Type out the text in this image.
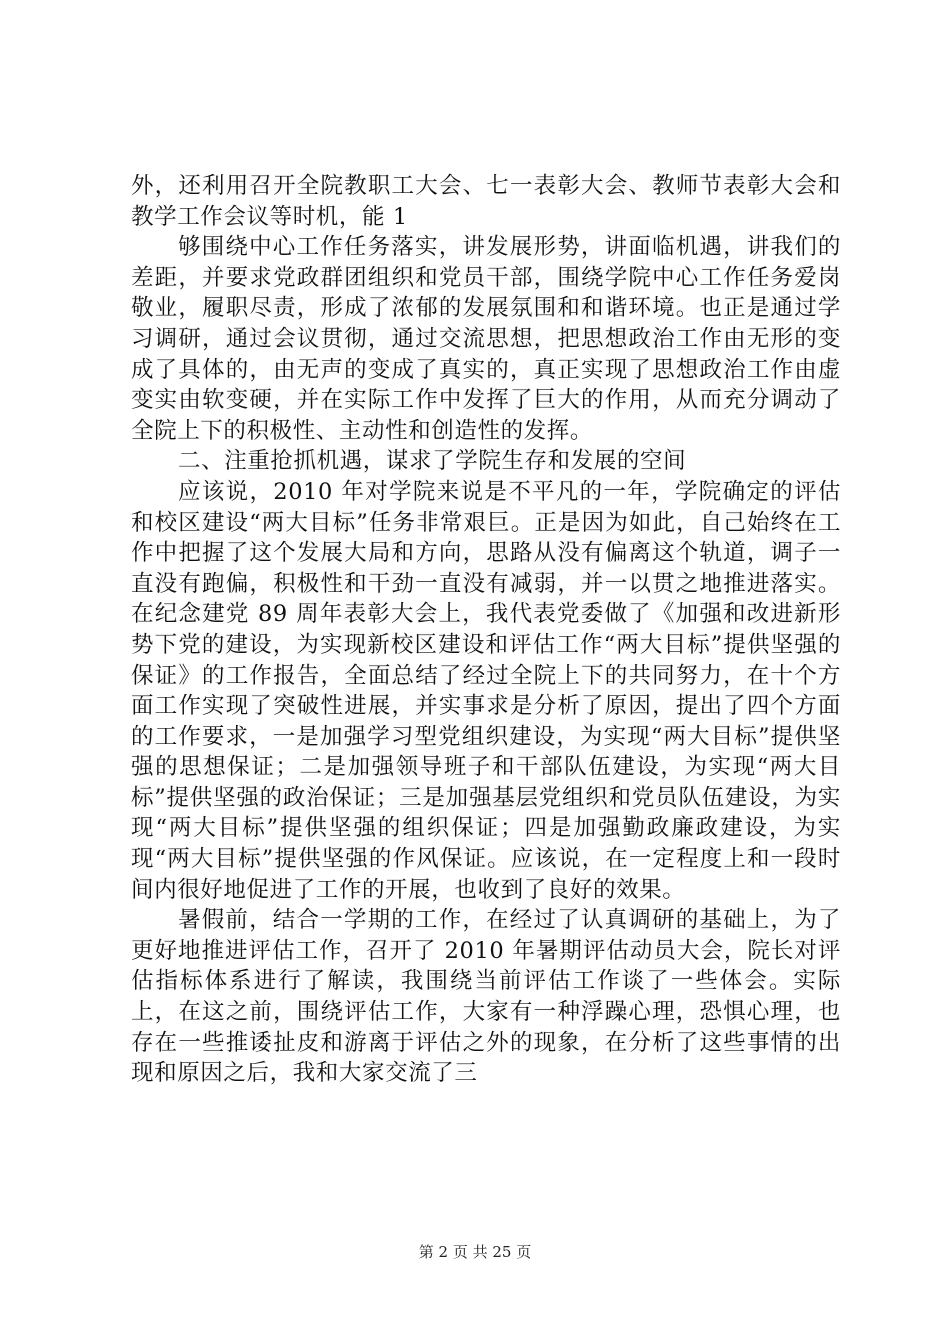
外，还利用召开全院教职工大会、七一表彰大会、教师节表彰大会和教学工作会议等时机，能 1

够围绕中心工作任务落实，讲发展形势，讲面临机遇，讲我们的差距，并要求党政群团组织和党员干部，围绕学院中心工作任务爱岗敬业，履职尽责，形成了浓郁的发展氛围和和谐环境。也正是通过学习调研，通过会议贯彻，通过交流思想，把思想政治工作由无形的变成了具体的，由无声的变成了真实的，真正实现了思想政治工作由虚变实由软变硬，并在实际工作中发挥了巨大的作用，从而充分调动了全院上下的积极性、主动性和创造性的发挥。

二、注重抢抓机遇，谋求了学院生存和发展的空间

应该说，2010 年对学院来说是不平凡的一年，学院确定的评估和校区建设“两大目标”任务非常艰巨。正是因为如此，自己始终在工作中把握了这个发展大局和方向，思路从没有偏离这个轨道，调子一直没有跑偏，积极性和干劲一直没有减弱，并一以贯之地推进落实。在纪念建党 89 周年表彰大会上，我代表党委做了《加强和改进新形势下党的建设，为实现新校区建设和评估工作“两大目标”提供坚强的保证》的工作报告，全面总结了经过全院上下的共同努力，在十个方面工作实现了突破性进展，并实事求是分析了原因，提出了四个方面的工作要求，一是加强学习型党组织建设，为实现“两大目标”提供坚强的思想保证；二是加强领导班子和干部队伍建设，为实现“两大目标”提供坚强的政治保证；三是加强基层党组织和党员队伍建设，为实现“两大目标”提供坚强的组织保证；四是加强勤政廉政建设，为实现“两大目标”提供坚强的作风保证。应该说，在一定程度上和一段时间内很好地促进了工作的开展，也收到了良好的效果。

暑假前，结合一学期的工作，在经过了认真调研的基础上，为了更好地推进评估工作，召开了 2010 年暑期评估动员大会，院长对评估指标体系进行了解读，我围绕当前评估工作谈了一些体会。实际上，在这之前，围绕评估工作，大家有一种浮躁心理，恐惧心理，也存在一些推诿扯皮和游离于评估之外的现象，在分析了这些事情的出现和原因之后，我和大家交流了三

第 2 页 共 25 页
